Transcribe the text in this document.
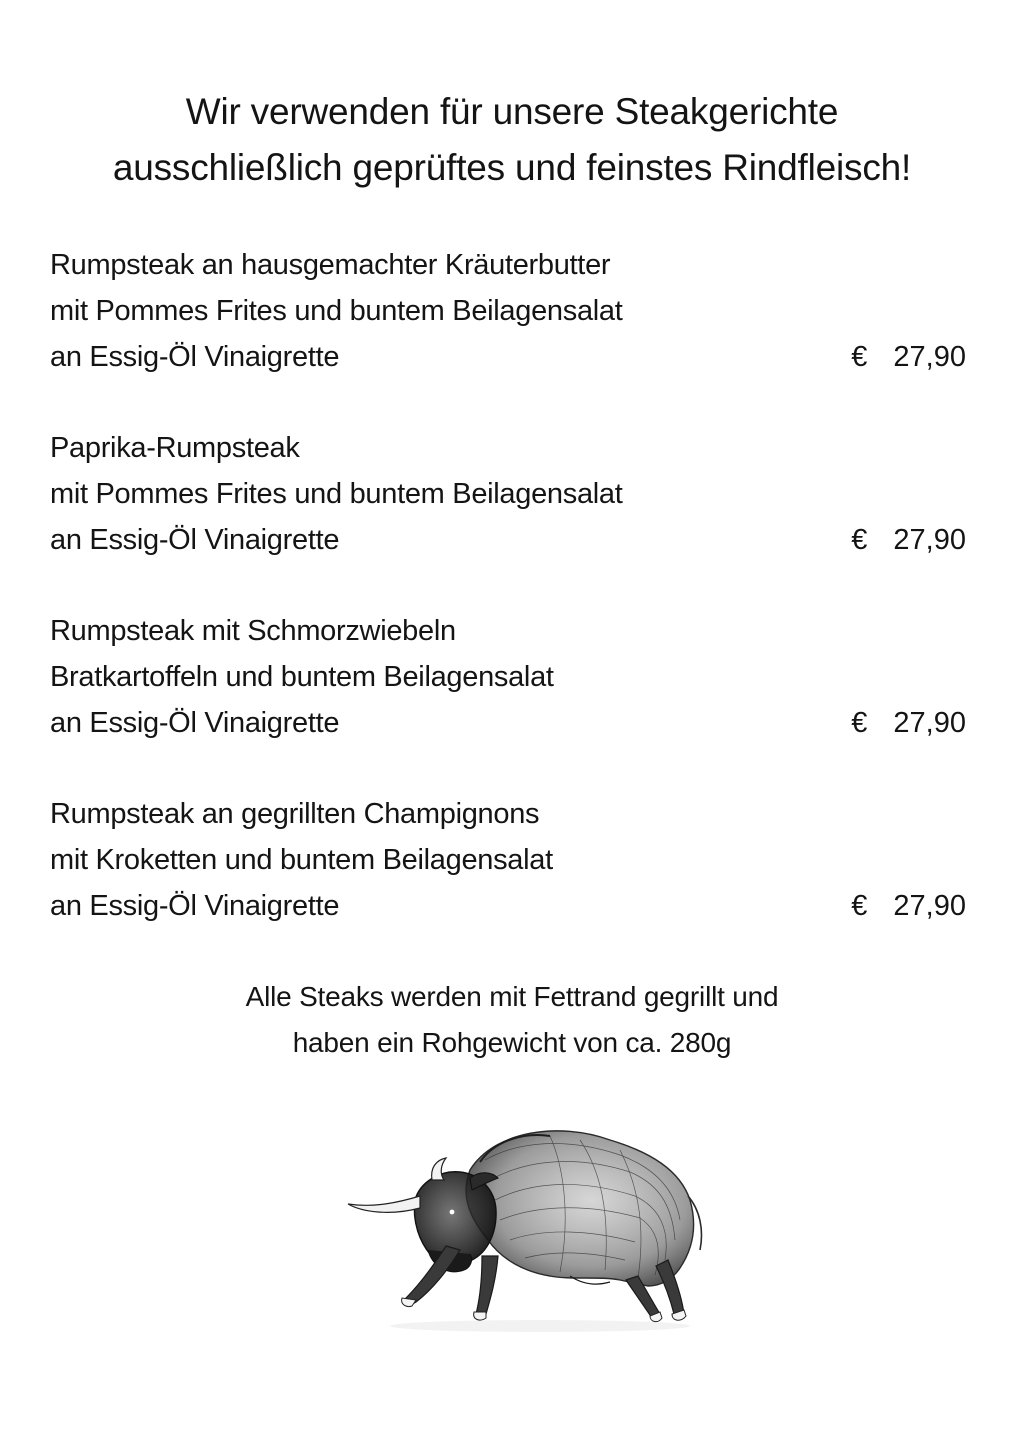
Wir verwenden für unsere Steakgerichte
ausschließlich geprüftes und feinstes Rindfleisch!
Rumpsteak an hausgemachter Kräuterbutter
mit Pommes Frites und buntem Beilagensalat
an Essig-Öl Vinaigrette	€ 27,90
Paprika-Rumpsteak
mit Pommes Frites und buntem Beilagensalat
an Essig-Öl Vinaigrette	€ 27,90
Rumpsteak mit Schmorzwiebeln
Bratkartoffeln und buntem Beilagensalat
an Essig-Öl Vinaigrette	€ 27,90
Rumpsteak an gegrillten Champignons
mit Kroketten und buntem Beilagensalat
an Essig-Öl Vinaigrette	€ 27,90
Alle Steaks werden mit Fettrand gegrillt und
haben ein Rohgewicht von ca. 280g
